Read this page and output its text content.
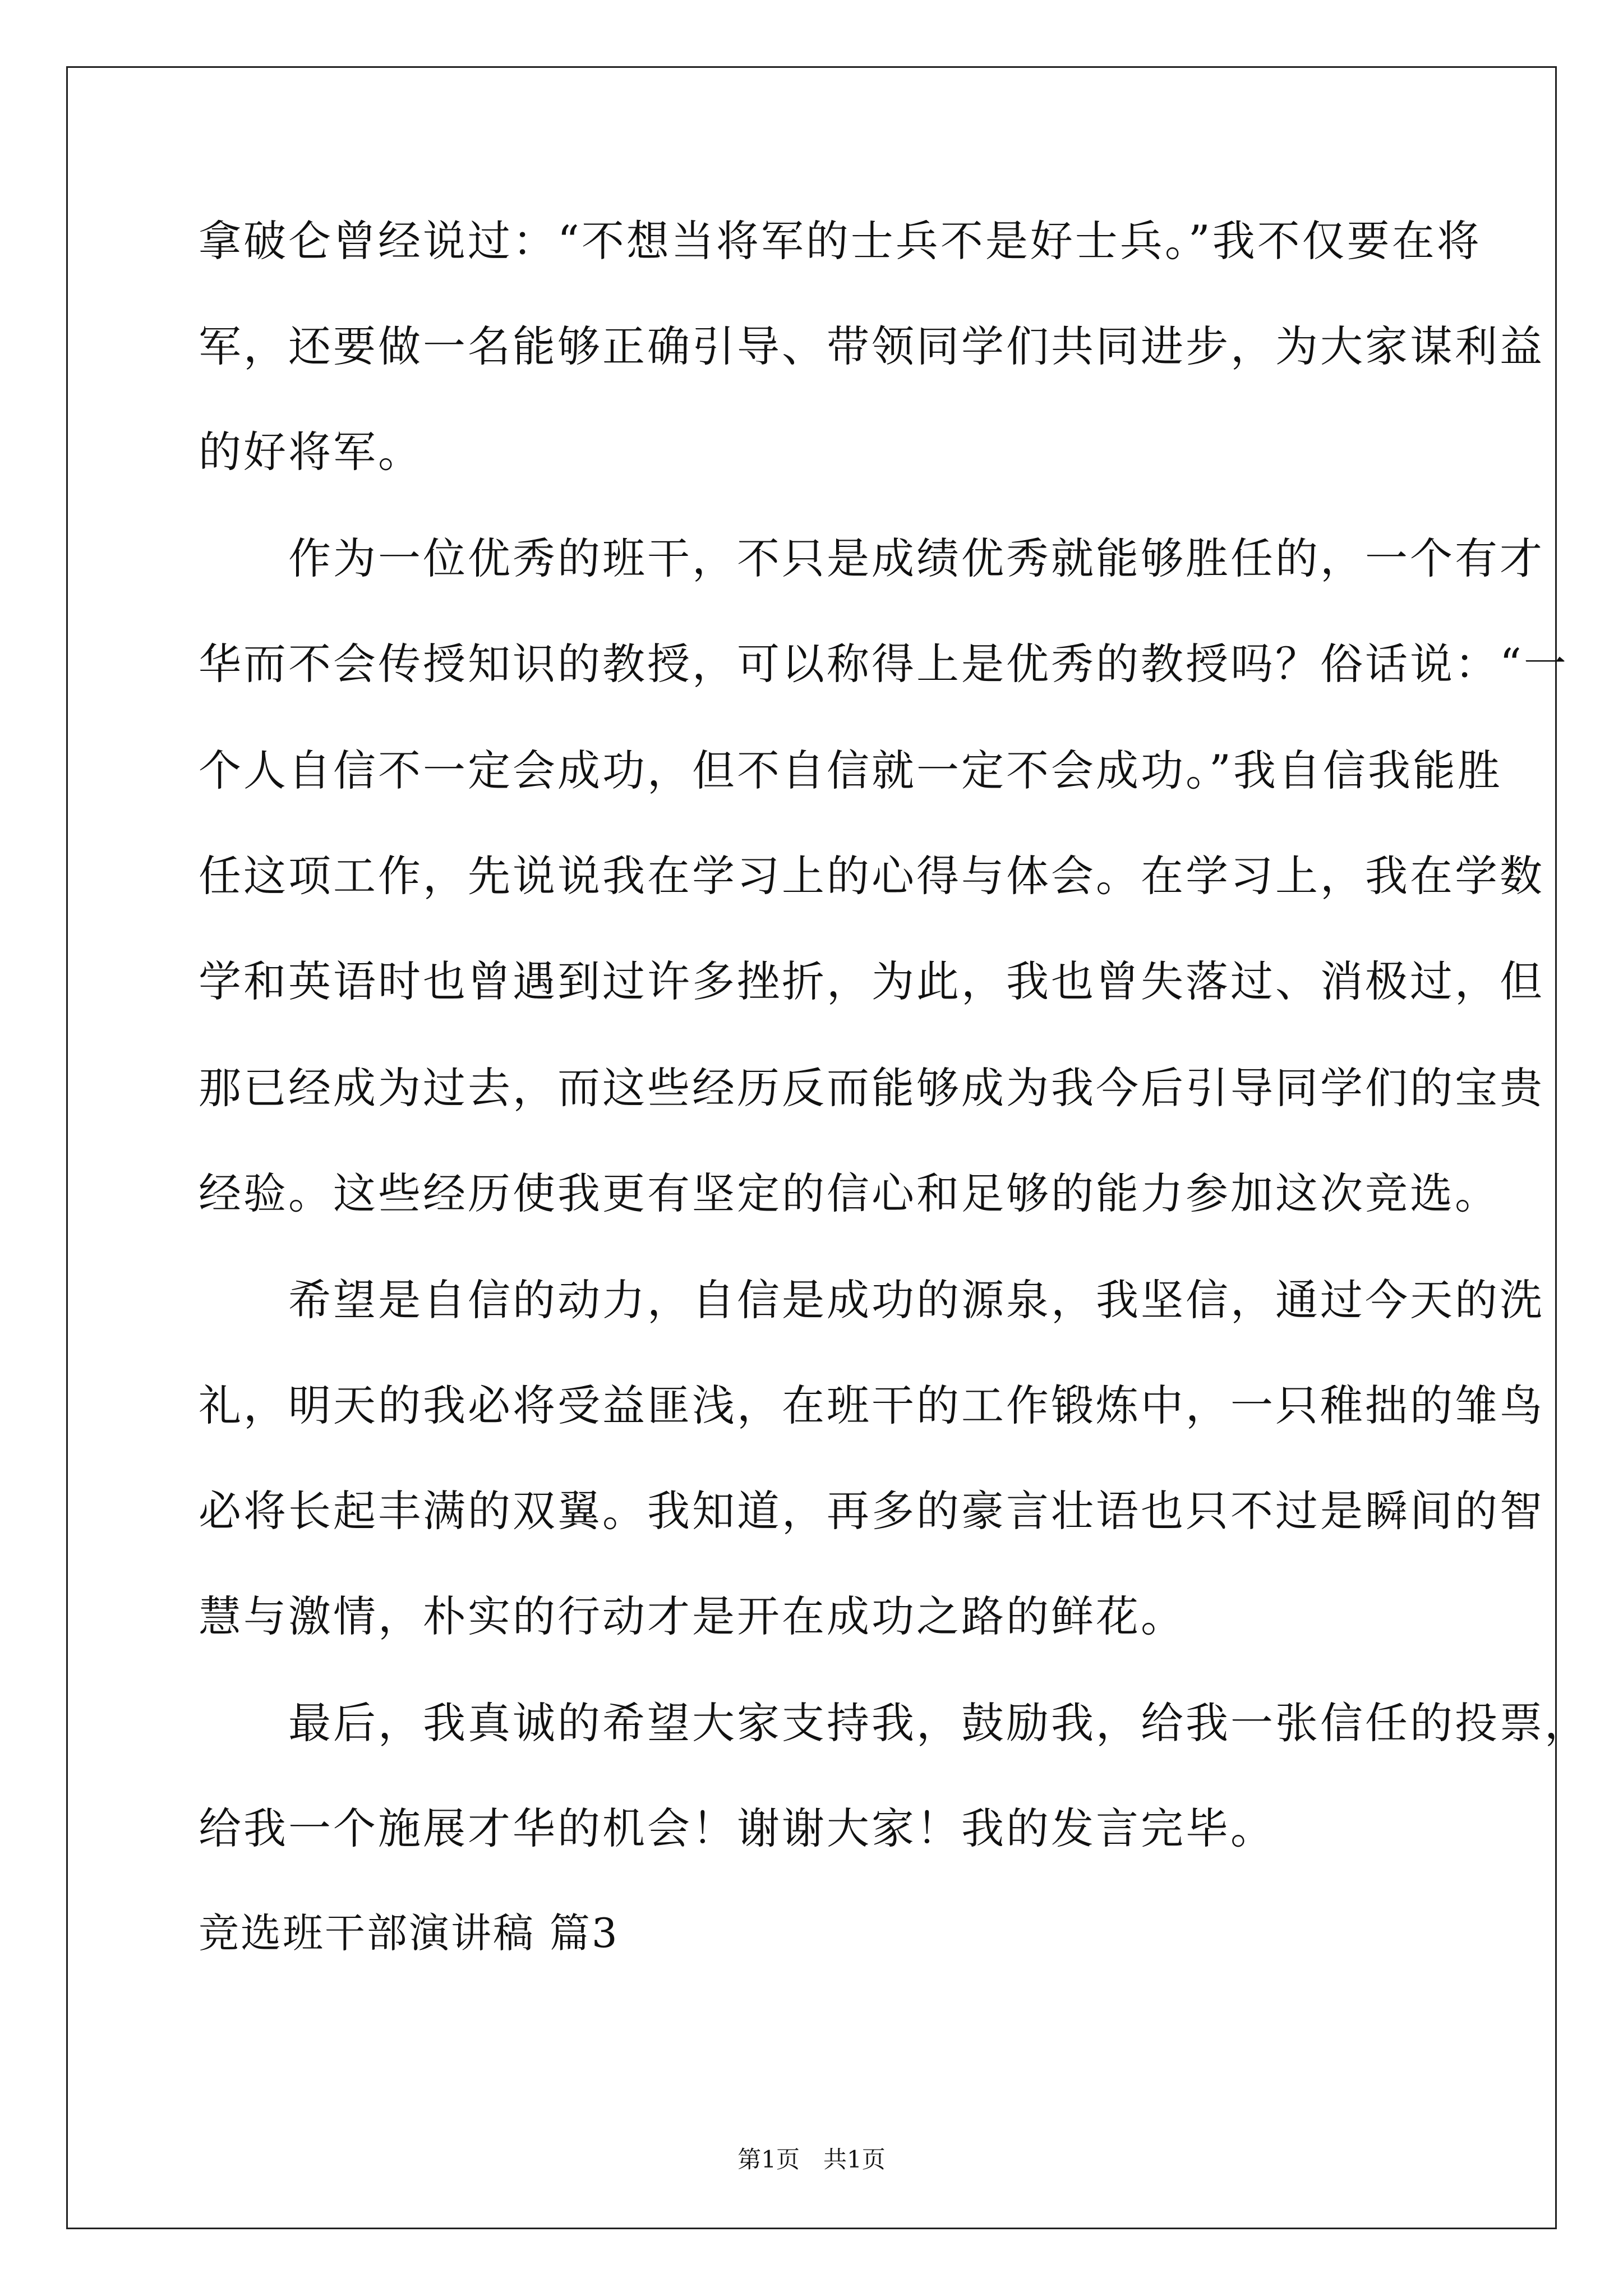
拿破仑曾经说过：“不想当将军的士兵不是好士兵。”我不仅要在将
军，还要做一名能够正确引导、带领同学们共同进步，为大家谋利益
的好将军。
　　作为一位优秀的班干，不只是成绩优秀就能够胜任的，一个有才
华而不会传授知识的教授，可以称得上是优秀的教授吗？俗话说：“一
个人自信不一定会成功，但不自信就一定不会成功。”我自信我能胜
任这项工作，先说说我在学习上的心得与体会。在学习上，我在学数
学和英语时也曾遇到过许多挫折，为此，我也曾失落过、消极过，但
那已经成为过去，而这些经历反而能够成为我今后引导同学们的宝贵
经验。这些经历使我更有坚定的信心和足够的能力参加这次竞选。
　　希望是自信的动力，自信是成功的源泉，我坚信，通过今天的洗
礼，明天的我必将受益匪浅，在班干的工作锻炼中，一只稚拙的雏鸟
必将长起丰满的双翼。我知道，再多的豪言壮语也只不过是瞬间的智
慧与激情，朴实的行动才是开在成功之路的鲜花。
　　最后，我真诚的希望大家支持我，鼓励我，给我一张信任的投票，
给我一个施展才华的机会！谢谢大家！我的发言完毕。
竞选班干部演讲稿 篇3
第1页　共1页
